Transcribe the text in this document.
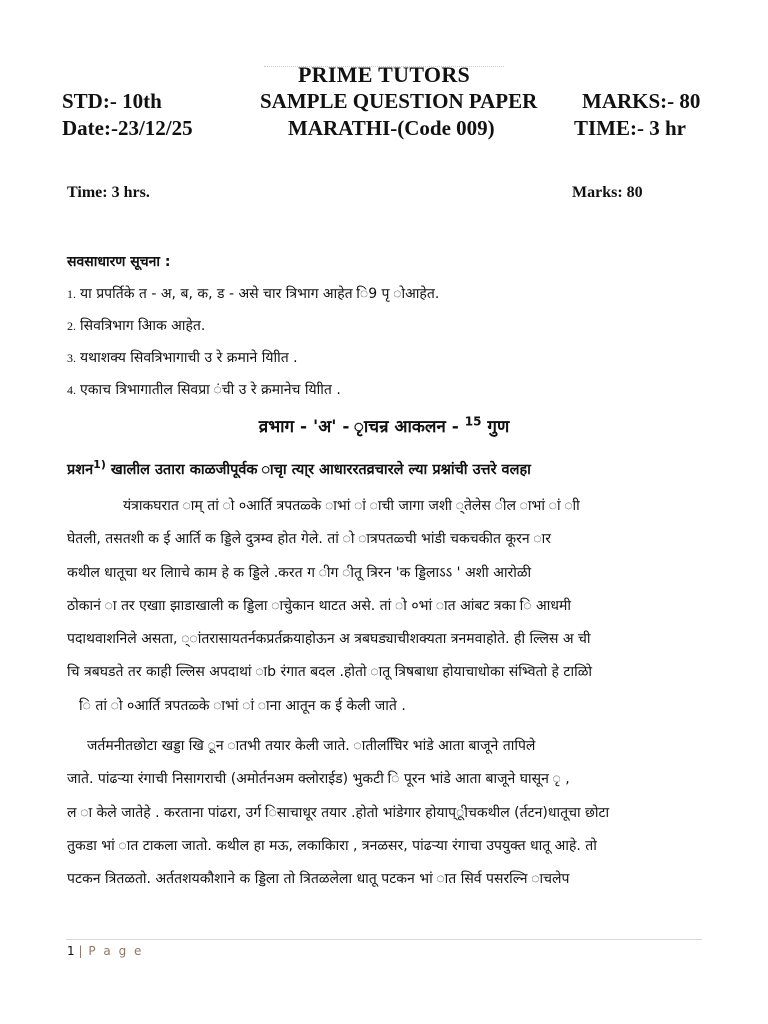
PRIME TUTORS
STD:- 10th	SAMPLE QUESTION PAPER MARKS:- 80
Date:-23/12/25	MARATHI-(Code 009)	TIME:- 3 hr
Time: 3 hrs.	Marks: 80
सवसाधारण सूचना :
1. या प्रपर्तिके त - अ, ब, क, ड - असे चार त्रिभाग आहेत ि9 पृ ोआहेत.
2. सिवत्रिभाग अिाक आहेत.
3. यथाशक्य सिवत्रिभागाची उ रे क्रमाने यािीत .
4. एकाच त्रिभागातील सिवप्रा ंची उ रे क्रमानेच यािीत .
व्रभाग - 'अ' - ृाचन्र आकलन - $^{15}$ गुण
प्रशन$^{1)}$ खालील उतारा काळजीपूर्वक ाचृा त्या्र आधाररतव्रचारले ल्या प्रश्नांची उत्तरे वलहा
यंत्राकघरात ाम् तां ो ०आर्ति त्रपतळ्के ाभां ां ाची जागा जशी ्तेलेस ील ाभां ां ाी
घेतली, तसतशी क ई आर्ति क ड्डिले दुत्रम्व होत गेले. तां ो ात्रपतळ्ची भांडी चकचकीत कूरन ार
कथील धातूचा थर लािाचे काम हे क ड्डिले .करत ग ीग ीतू त्रिरन 'क ड्डिलाऽऽ ' अशी आरोळी
ठोकानं ा तर एखाा झाडाखाली क ड्डिला ाचेुकान थाटत असे. तां ो ०भां ात आंबट त्रका ि आधमी
पदाथवाशनिले असता, ्ांतरासायतर्नकप्रर्तक्रयाहोऊन अ त्रबघड्याचीशक्यता त्रनमवाहोते. ही ल्लिस अ ची
चि त्रबघडते तर काही ल्लिस अपदाथां ाb रंगात बदल .होतो ातू त्रिषबाधा होयाचाधोका संभ्वितो हे टाळिो
ि तां ो ०आर्ति त्रपतळ्के ाभां ां ाना आतून क ई केली जाते .
जर्तमनीतछोटा खड्डा खि ून ातभी तयार केली जाते. ातीलचििर भांडे आता बाजूने तापिले
जाते. पांढऱ्या रंगाची निसागराची (अमोर्तनअम क्लोराईड) भुकटी ि पूरन भांडे आता बाजूने घासून ृ ,
ल ा केले जातेहे . करताना पांढरा, उर्ग िसाचाधूर तयार .होतो भांडेगार होयाप्ूीचकथील (र्तटन)धातूचा छोटा
तुकडा भां ात टाकला जातो. कथील हा मऊ, लकाकिारा , त्रनळसर, पांढऱ्या रंगाचा उपयुक्त धातू आहे. तो
पटकन त्रितळतो. अर्ततशयकौशाने क ड्डिला तो त्रितळलेला धातू पटकन भां ात सिर्व पसरल्नि ाचलेप
1 | P a g e
